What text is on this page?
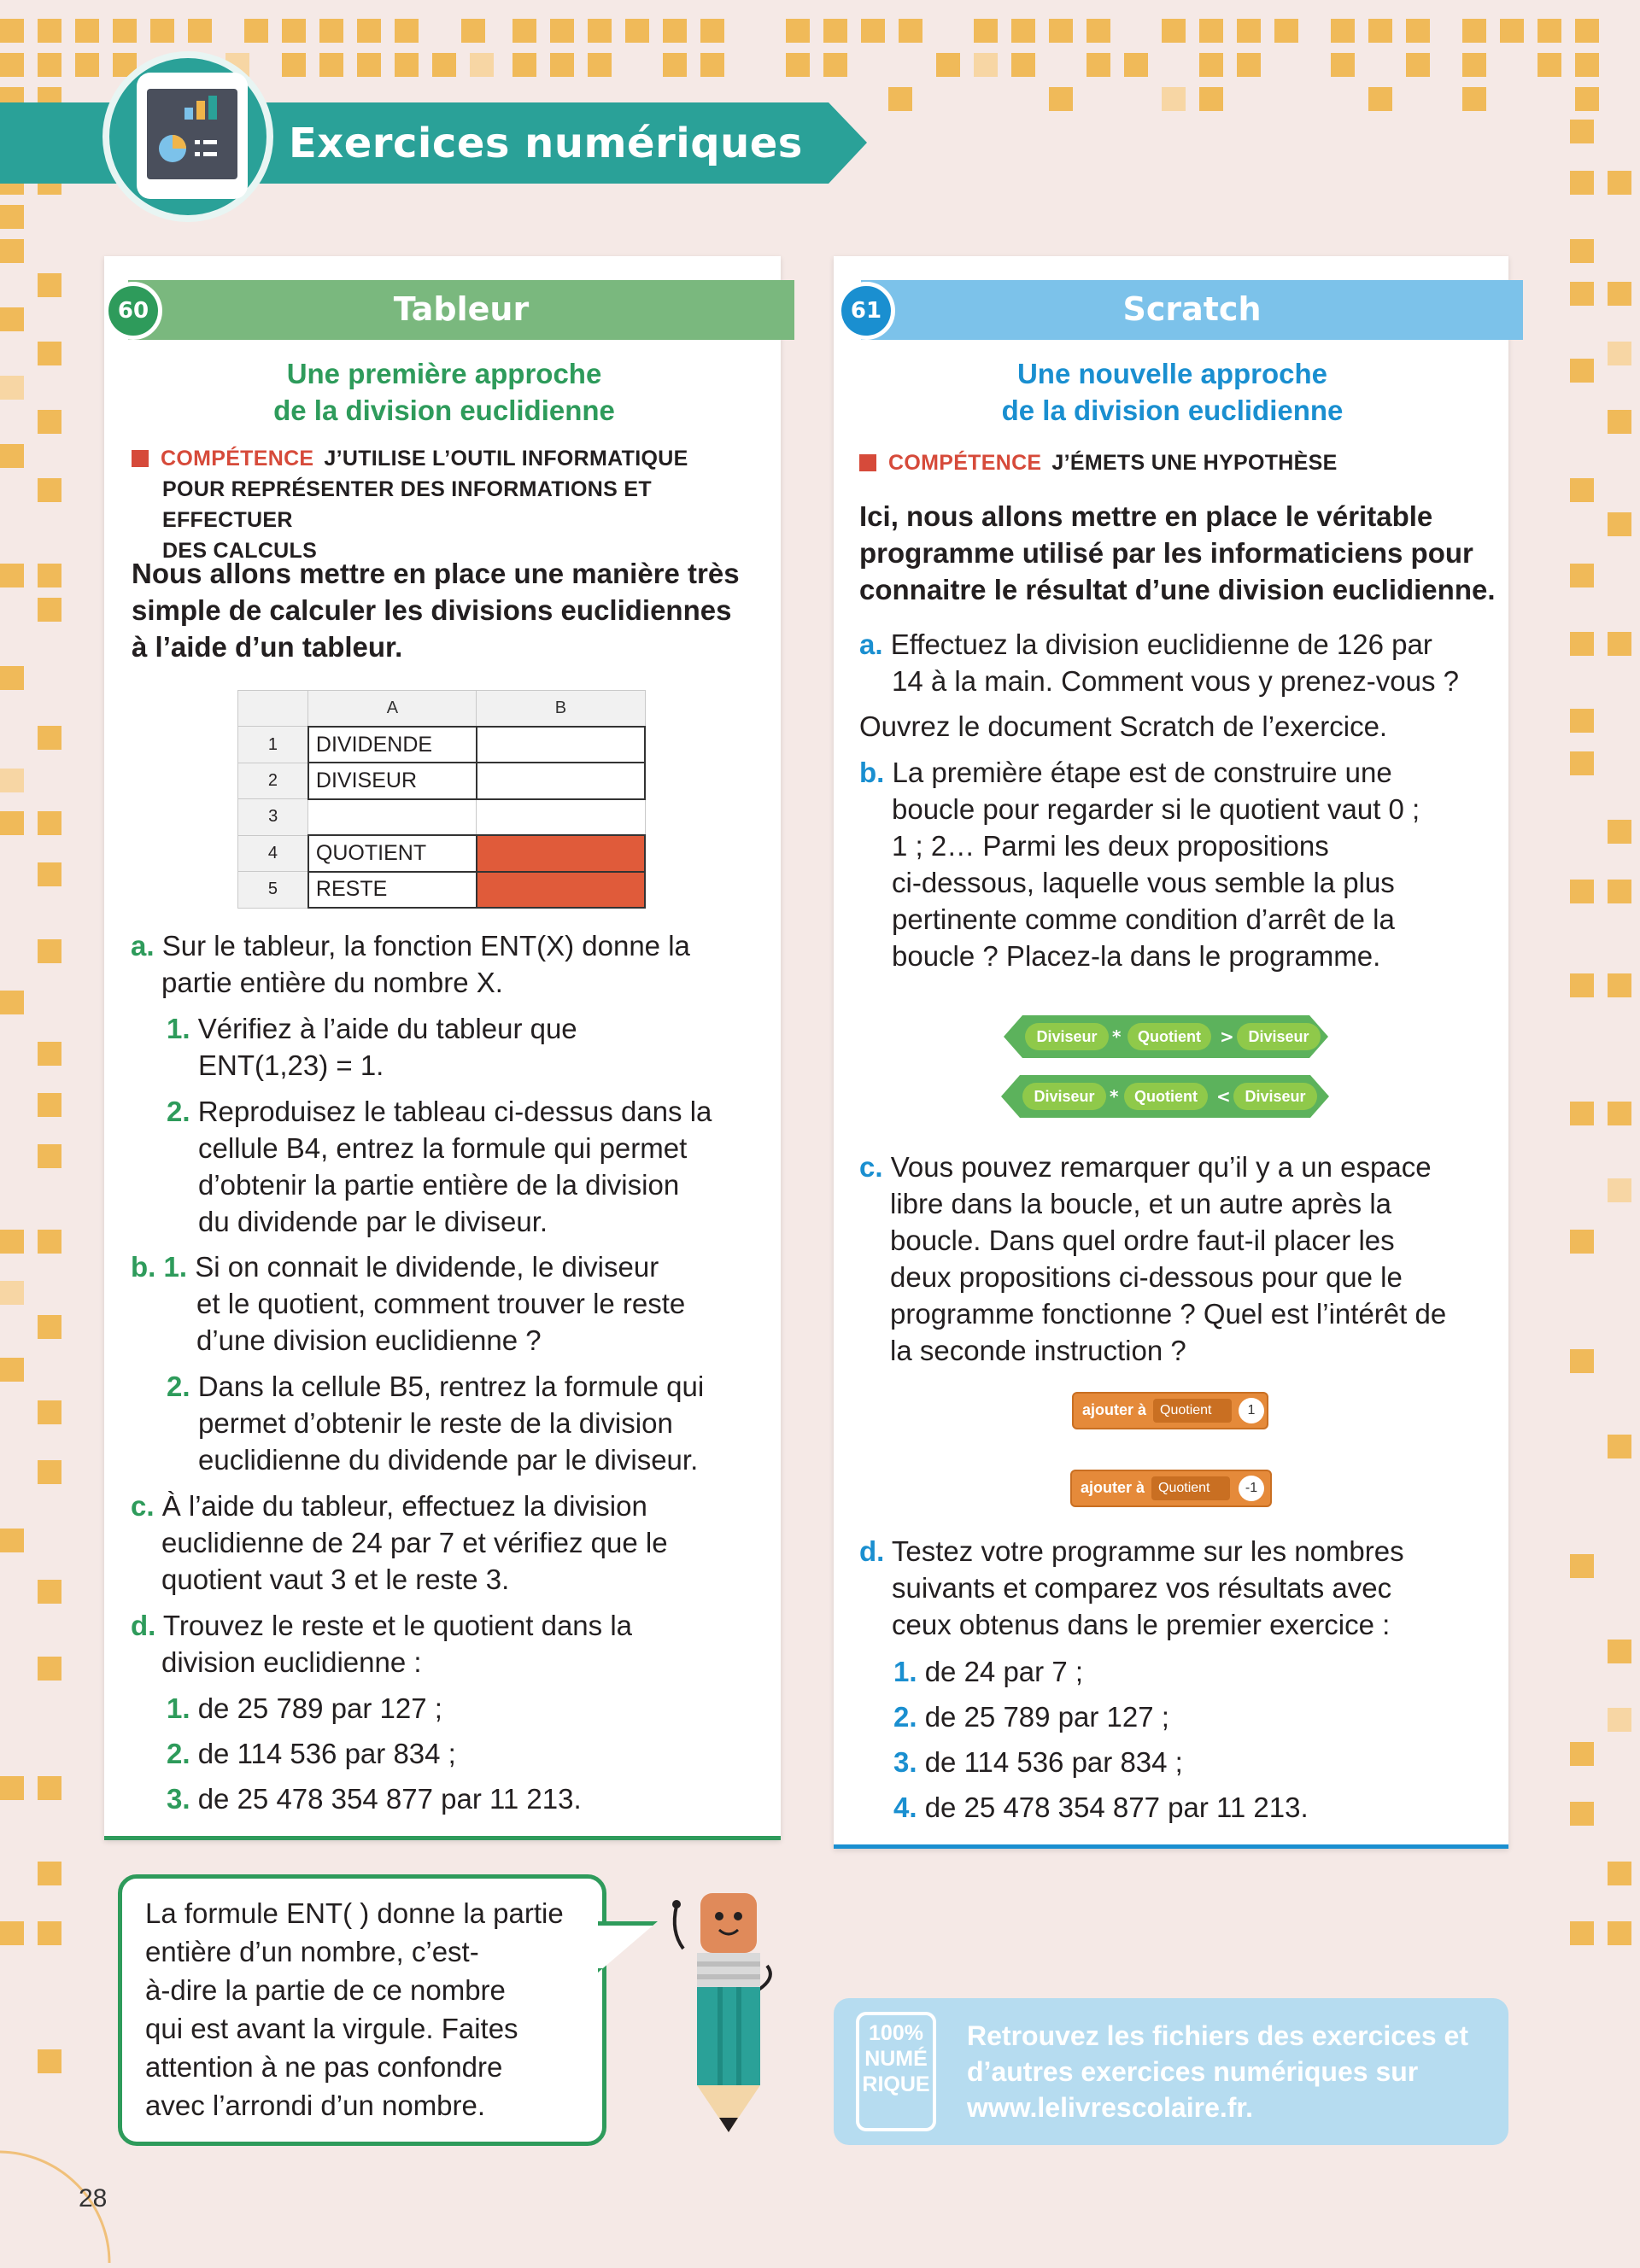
Exercices numériques
60	Tableur
Une première approche
de la division euclidienne
COMPÉTENCE J’UTILISE L’OUTIL INFORMATIQUE
POUR REPRÉSENTER DES INFORMATIONS ET EFFECTUER
DES CALCULS
Nous allons mettre en place une manière très
simple de calculer les divisions euclidiennes
à l’aide d’un tableur.
	A	B
1	DIVIDENDE	
2	DIVISEUR	
3		
4	QUOTIENT	
5	RESTE	
a. Sur le tableur, la fonction ENT(X) donne la
partie entière du nombre X.
1. Vérifiez à l’aide du tableur que
ENT(1,23) = 1.
2. Reproduisez le tableau ci-dessus dans la
cellule B4, entrez la formule qui permet
d’obtenir la partie entière de la division
du dividende par le diviseur.
b. 1. Si on connait le dividende, le diviseur
et le quotient, comment trouver le reste
d’une division euclidienne ?
2. Dans la cellule B5, rentrez la formule qui
permet d’obtenir le reste de la division
euclidienne du dividende par le diviseur.
c. À l’aide du tableur, effectuez la division
euclidienne de 24 par 7 et vérifiez que le
quotient vaut 3 et le reste 3.
d. Trouvez le reste et le quotient dans la
division euclidienne :
1. de 25 789 par 127 ;
2. de 114 536 par 834 ;
3. de 25 478 354 877 par 11 213.
61	Scratch
Une nouvelle approche
de la division euclidienne
COMPÉTENCE J’ÉMETS UNE HYPOTHÈSE
Ici, nous allons mettre en place le véritable
programme utilisé par les informaticiens pour
connaitre le résultat d’une division euclidienne.
a. Effectuez la division euclidienne de 126 par
14 à la main. Comment vous y prenez-vous ?
Ouvrez le document Scratch de l’exercice.
b. La première étape est de construire une
boucle pour regarder si le quotient vaut 0 ;
1 ; 2… Parmi les deux propositions
ci-dessous, laquelle vous semble la plus
pertinente comme condition d’arrêt de la
boucle ? Placez-la dans le programme.
Diviseur *	Quotient	> Diviseur
Diviseur *	Quotient	< Diviseur
c. Vous pouvez remarquer qu’il y a un espace
libre dans la boucle, et un autre après la
boucle. Dans quel ordre faut-il placer les
deux propositions ci-dessous pour que le
programme fonctionne ? Quel est l’intérêt de
la seconde instruction ?
ajouter à Quotient	1
ajouter à Quotient	-1
d. Testez votre programme sur les nombres
suivants et comparez vos résultats avec
ceux obtenus dans le premier exercice :
1. de 24 par 7 ;
2. de 25 789 par 127 ;
3. de 114 536 par 834 ;
4. de 25 478 354 877 par 11 213.
La formule ENT( ) donne la partie
entière d’un nombre, c’est-
à-dire la partie de ce nombre
qui est avant la virgule. Faites
attention à ne pas confondre
avec l’arrondi d’un nombre.
100%
NUMÉ
RIQUE
Retrouvez les fichiers des exercices et
d’autres exercices numériques sur
www.lelivrescolaire.fr.
28
